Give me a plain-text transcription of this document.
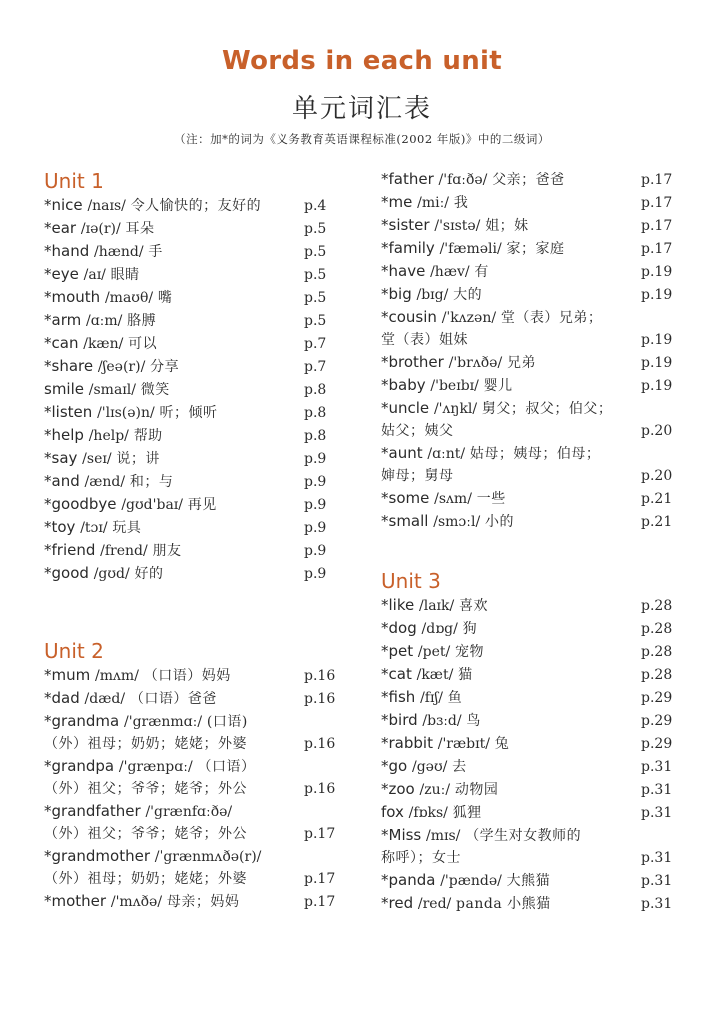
Words in each unit
单元词汇表
（注：加*的词为《义务教育英语课程标准(2002 年版)》中的二级词）
Unit 1
*nice /naɪs/ 令人愉快的；友好的	p.4
*ear /ɪə(r)/ 耳朵	p.5
*hand /hænd/ 手	p.5
*eye /aɪ/ 眼睛	p.5
*mouth /maʊθ/ 嘴	p.5
*arm /ɑːm/ 胳膊	p.5
*can /kæn/ 可以	p.7
*share /ʃeə(r)/ 分享	p.7
smile /smaɪl/ 微笑	p.8
*listen /'lɪs(ə)n/ 听；倾听	p.8
*help /help/ 帮助	p.8
*say /seɪ/ 说；讲	p.9
*and /ænd/ 和；与	p.9
*goodbye /gʊd'baɪ/ 再见	p.9
*toy /tɔɪ/ 玩具	p.9
*friend /frend/ 朋友	p.9
*good /gʊd/ 好的	p.9
Unit 2
*mum /mʌm/ （口语）妈妈	p.16
*dad /dæd/ （口语）爸爸	p.16
*grandma /'grænmɑː/ (口语)
（外）祖母；奶奶；姥姥；外婆	p.16
*grandpa /'grænpɑː/ （口语）
（外）祖父；爷爷；姥爷；外公	p.16
*grandfather /'grænfɑːðə/
（外）祖父；爷爷；姥爷；外公	p.17
*grandmother /ˈgrænmʌðə(r)/
（外）祖母；奶奶；姥姥；外婆	p.17
*mother /'mʌðə/ 母亲；妈妈	p.17
*father /'fɑːðə/ 父亲；爸爸	p.17
*me /miː/ 我	p.17
*sister /'sɪstə/ 姐；妹	p.17
*family /'fæməli/ 家；家庭	p.17
*have /hæv/ 有	p.19
*big /bɪg/ 大的	p.19
*cousin /ˈkʌzən/ 堂（表）兄弟；
堂（表）姐妹	p.19
*brother /'brʌðə/ 兄弟	p.19
*baby /'beɪbɪ/ 婴儿	p.19
*uncle /'ʌŋkl/ 舅父；叔父；伯父；
姑父；姨父	p.20
*aunt /ɑːnt/ 姑母；姨母；伯母；
婶母；舅母	p.20
*some /sʌm/ 一些	p.21
*small /smɔːl/ 小的	p.21
Unit 3
*like /laɪk/ 喜欢	p.28
*dog /dɒg/ 狗	p.28
*pet /pet/ 宠物	p.28
*cat /kæt/ 猫	p.28
*fish /fɪʃ/ 鱼	p.29
*bird /bɜːd/ 鸟	p.29
*rabbit /'ræbɪt/ 兔	p.29
*go /gəʊ/ 去	p.31
*zoo /zuː/ 动物园	p.31
fox /fɒks/ 狐狸	p.31
*Miss /mɪs/ （学生对女教师的
称呼）；女士	p.31
*panda /'pændə/ 大熊猫	p.31
*red /red/ panda 小熊猫	p.31
